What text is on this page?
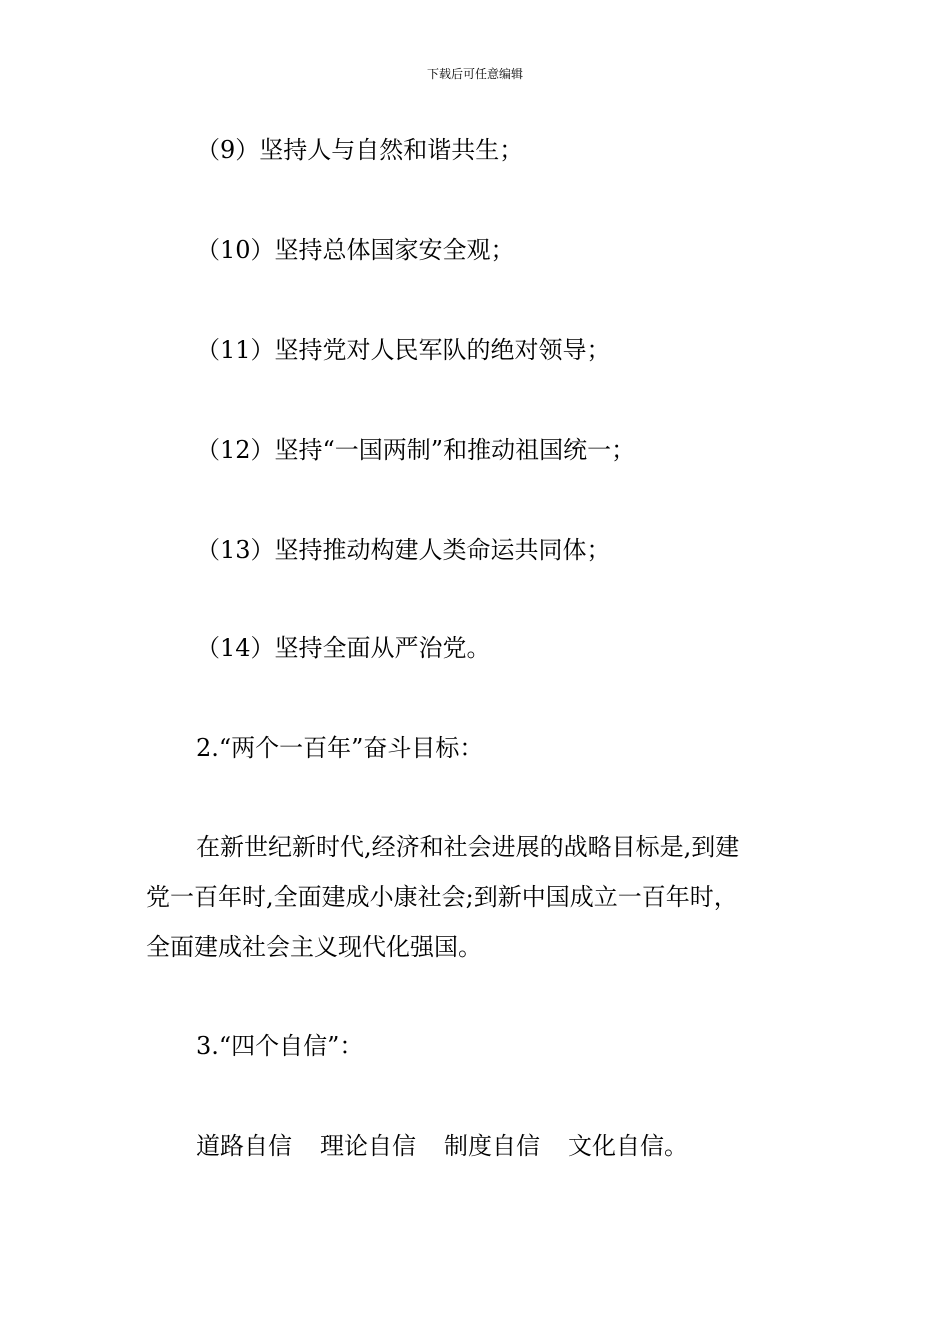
下载后可任意编辑
（9）坚持人与自然和谐共生；
（10）坚持总体国家安全观；
（11）坚持党对人民军队的绝对领导；
（12）坚持“一国两制”和推动祖国统一；
（13）坚持推动构建人类命运共同体；
（14）坚持全面从严治党。
2.“两个一百年”奋斗目标：
在新世纪新时代,经济和社会进展的战略目标是,到建
党一百年时,全面建成小康社会;到新中国成立一百年时，
全面建成社会主义现代化强国。
3.“四个自信”：
道路自信 理论自信 制度自信 文化自信。
